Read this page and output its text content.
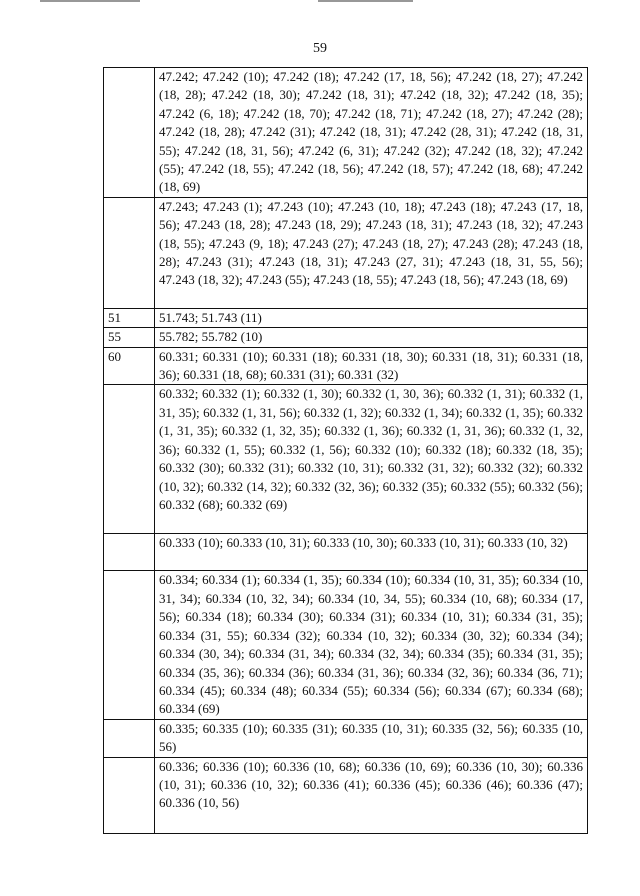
59
	47.242; 47.242 (10); 47.242 (18); 47.242 (17, 18, 56); 47.242 (18, 27); 47.242 (18, 28); 47.242 (18, 30); 47.242 (18, 31); 47.242 (18, 32); 47.242 (18, 35); 47.242 (6, 18); 47.242 (18, 70); 47.242 (18, 71); 47.242 (18, 27); 47.242 (28); 47.242 (18, 28); 47.242 (31); 47.242 (18, 31); 47.242 (28, 31); 47.242 (18, 31, 55); 47.242 (18, 31, 56); 47.242 (6, 31); 47.242 (32); 47.242 (18, 32); 47.242 (55); 47.242 (18, 55); 47.242 (18, 56); 47.242 (18, 57); 47.242 (18, 68); 47.242 (18, 69)
	47.243; 47.243 (1); 47.243 (10); 47.243 (10, 18); 47.243 (18); 47.243 (17, 18, 56); 47.243 (18, 28); 47.243 (18, 29); 47.243 (18, 31); 47.243 (18, 32); 47.243 (18, 55); 47.243 (9, 18); 47.243 (27); 47.243 (18, 27); 47.243 (28); 47.243 (18, 28); 47.243 (31); 47.243 (18, 31); 47.243 (27, 31); 47.243 (18, 31, 55, 56); 47.243 (18, 32); 47.243 (55); 47.243 (18, 55); 47.243 (18, 56); 47.243 (18, 69)
51	51.743; 51.743 (11)
55	55.782; 55.782 (10)
60	60.331; 60.331 (10); 60.331 (18); 60.331 (18, 30); 60.331 (18, 31); 60.331 (18, 36); 60.331 (18, 68); 60.331 (31); 60.331 (32)
	60.332; 60.332 (1); 60.332 (1, 30); 60.332 (1, 30, 36); 60.332 (1, 31); 60.332 (1, 31, 35); 60.332 (1, 31, 56); 60.332 (1, 32); 60.332 (1, 34); 60.332 (1, 35); 60.332 (1, 31, 35); 60.332 (1, 32, 35); 60.332 (1, 36); 60.332 (1, 31, 36); 60.332 (1, 32, 36); 60.332 (1, 55); 60.332 (1, 56); 60.332 (10); 60.332 (18); 60.332 (18, 35); 60.332 (30); 60.332 (31); 60.332 (10, 31); 60.332 (31, 32); 60.332 (32); 60.332 (10, 32); 60.332 (14, 32); 60.332 (32, 36); 60.332 (35); 60.332 (55); 60.332 (56); 60.332 (68); 60.332 (69)
	60.333 (10); 60.333 (10, 31); 60.333 (10, 30); 60.333 (10, 31); 60.333 (10, 32)
	60.334; 60.334 (1); 60.334 (1, 35); 60.334 (10); 60.334 (10, 31, 35); 60.334 (10, 31, 34); 60.334 (10, 32, 34); 60.334 (10, 34, 55); 60.334 (10, 68); 60.334 (17, 56); 60.334 (18); 60.334 (30); 60.334 (31); 60.334 (10, 31); 60.334 (31, 35); 60.334 (31, 55); 60.334 (32); 60.334 (10, 32); 60.334 (30, 32); 60.334 (34); 60.334 (30, 34); 60.334 (31, 34); 60.334 (32, 34); 60.334 (35); 60.334 (31, 35); 60.334 (35, 36); 60.334 (36); 60.334 (31, 36); 60.334 (32, 36); 60.334 (36, 71); 60.334 (45); 60.334 (48); 60.334 (55); 60.334 (56); 60.334 (67); 60.334 (68); 60.334 (69)
	60.335; 60.335 (10); 60.335 (31); 60.335 (10, 31); 60.335 (32, 56); 60.335 (10, 56)
	60.336; 60.336 (10); 60.336 (10, 68); 60.336 (10, 69); 60.336 (10, 30); 60.336 (10, 31); 60.336 (10, 32); 60.336 (41); 60.336 (45); 60.336 (46); 60.336 (47); 60.336 (10, 56)
